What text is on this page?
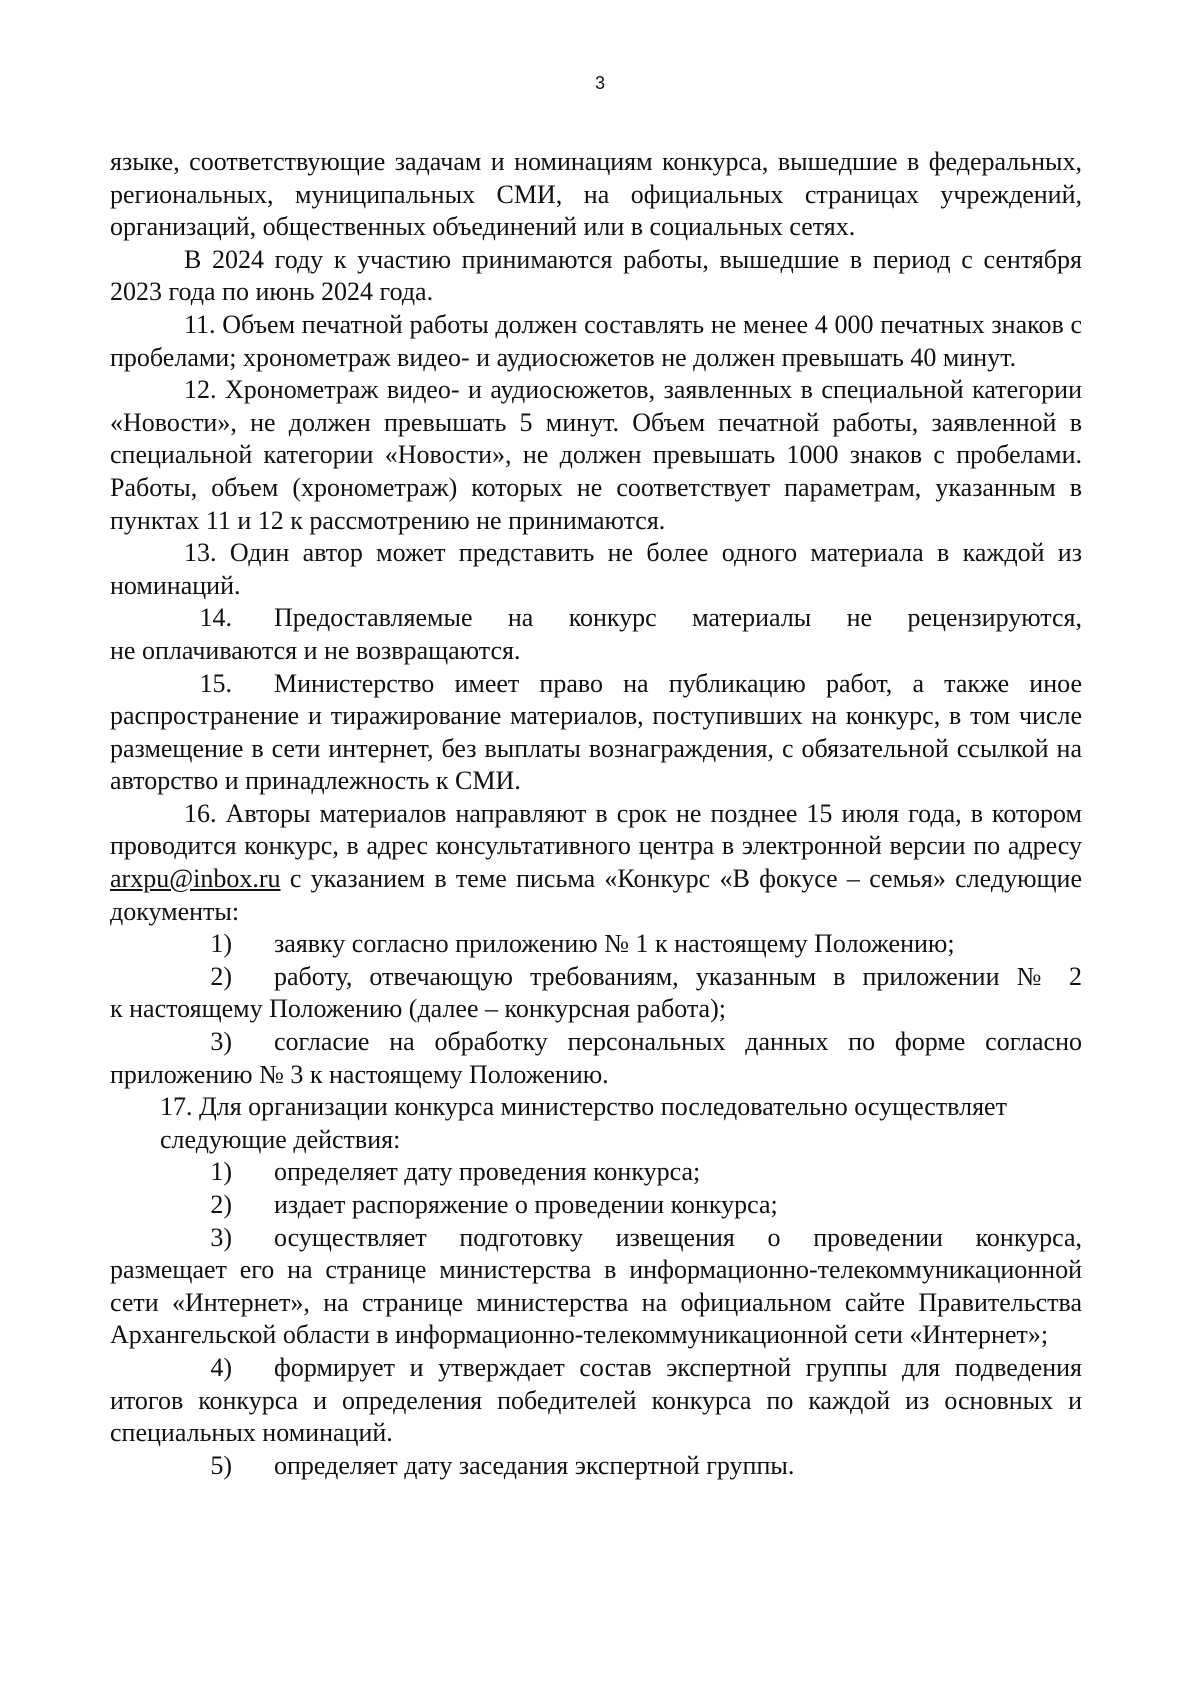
3

языке, соответствующие задачам и номинациям конкурса, вышедшие в федеральных, региональных, муниципальных СМИ, на официальных страницах учреждений, организаций, общественных объединений или в социальных сетях.

В 2024 году к участию принимаются работы, вышедшие в период с сентября 2023 года по июнь 2024 года.

11. Объем печатной работы должен составлять не менее 4 000 печатных знаков с пробелами; хронометраж видео- и аудиосюжетов не должен превышать 40 минут.

12. Хронометраж видео- и аудиосюжетов, заявленных в специальной категории «Новости», не должен превышать 5 минут. Объем печатной работы, заявленной в специальной категории «Новости», не должен превышать 1000 знаков с пробелами. Работы, объем (хронометраж) которых не соответствует параметрам, указанным в пунктах 11 и 12 к рассмотрению не принимаются.

13. Один автор может представить не более одного материала в каждой из номинаций.

14.	Предоставляемые на конкурс материалы не рецензируются,

не оплачиваются и не возвращаются.

15.	Министерство имеет право на публикацию работ, а также иное

распространение и тиражирование материалов, поступивших на конкурс, в том числе размещение в сети интернет, без выплаты вознаграждения, с обязательной ссылкой на авторство и принадлежность к СМИ.

16. Авторы материалов направляют в срок не позднее 15 июля года, в котором проводится конкурс, в адрес консультативного центра в электронной версии по адресу arxpu@inbox.ru с указанием в теме письма «Конкурс «В фокусе – семья» следующие документы:

1)	заявку согласно приложению № 1 к настоящему Положению;
2)	работу, отвечающую требованиям, указанным в приложении № 2

к настоящему Положению (далее – конкурсная работа);

3)	согласие на обработку персональных данных по форме согласно

приложению № 3 к настоящему Положению.

17. Для организации конкурса министерство последовательно осуществляет
следующие действия:
1)	определяет дату проведения конкурса;
2)	издает распоряжение о проведении конкурса;
3)	осуществляет подготовку извещения о проведении конкурса,

размещает его на странице министерства в информационно-телекоммуникационной сети «Интернет», на странице министерства на официальном сайте Правительства Архангельской области в информационно-телекоммуникационной сети «Интернет»;

4)	формирует и утверждает состав экспертной группы для подведения

итогов конкурса и определения победителей конкурса по каждой из основных и специальных номинаций.

5)	определяет дату заседания экспертной группы.
